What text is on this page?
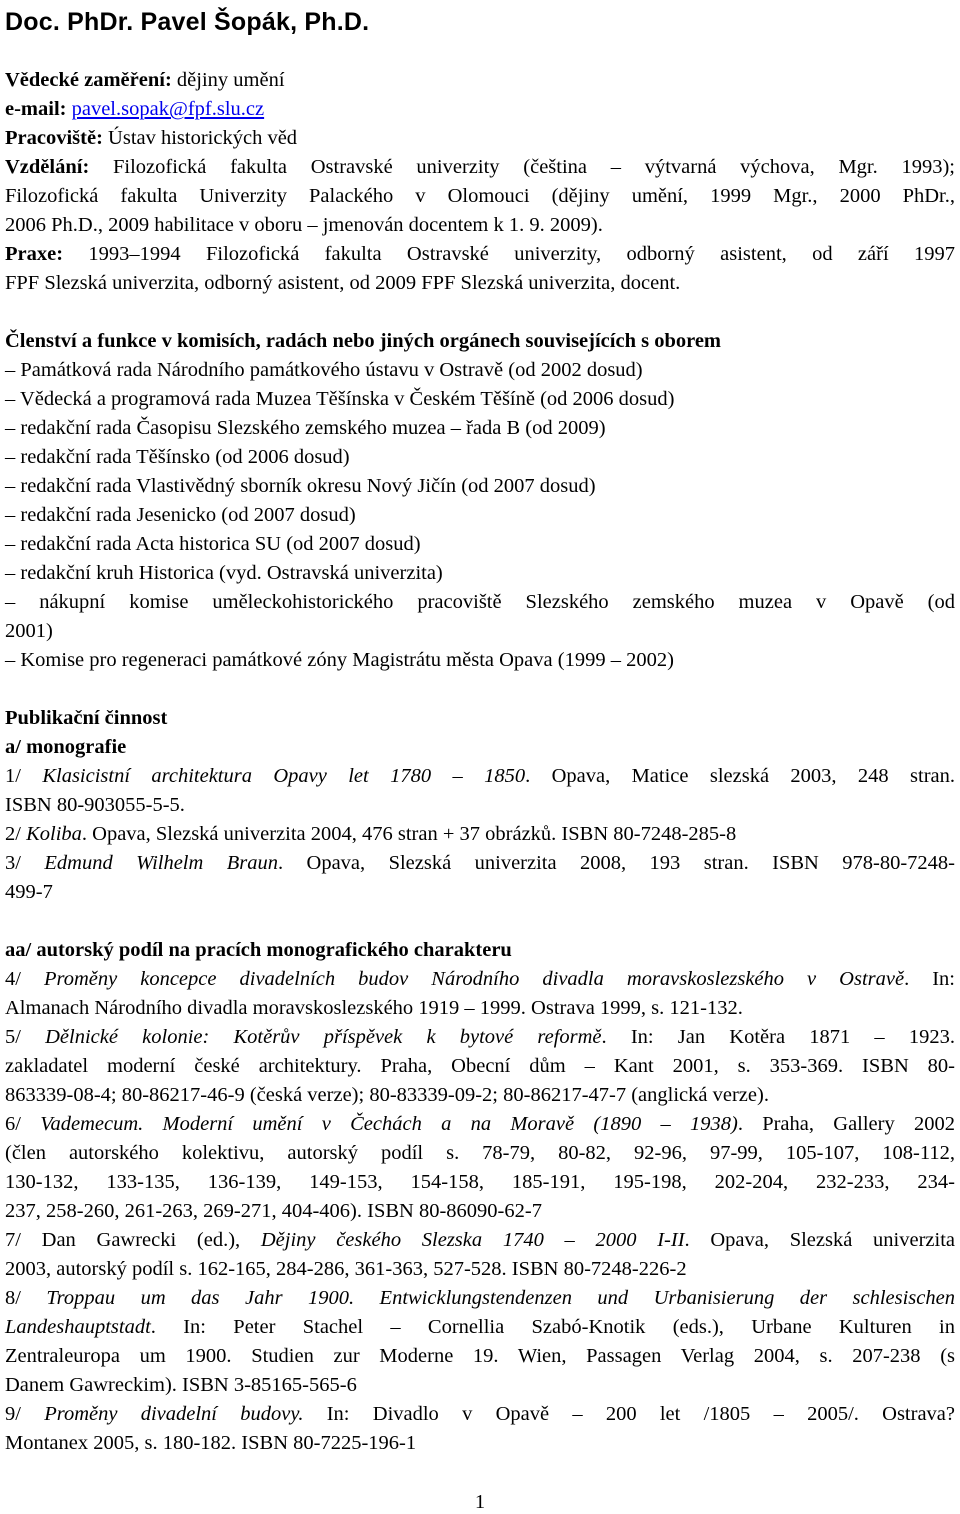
Doc. PhDr. Pavel Šopák, Ph.D.

Vědecké zaměření: dějiny umění

e-mail: pavel.sopak@fpf.slu.cz

Pracoviště: Ústav historických věd

Vzdělání: Filozofická fakulta Ostravské univerzity (čeština – výtvarná výchova, Mgr. 1993);

Filozofická fakulta Univerzity Palackého v Olomouci (dějiny umění, 1999 Mgr., 2000 PhDr.,

2006 Ph.D., 2009 habilitace v oboru – jmenován docentem k 1. 9. 2009).

Praxe: 1993–1994 Filozofická fakulta Ostravské univerzity, odborný asistent, od září 1997

FPF Slezská univerzita, odborný asistent, od 2009 FPF Slezská univerzita, docent.

Členství a funkce v komisích, radách nebo jiných orgánech souvisejících s oborem

– Památková rada Národního památkového ústavu v Ostravě (od 2002 dosud)

– Vědecká a programová rada Muzea Těšínska v Českém Těšíně (od 2006 dosud)

– redakční rada Časopisu Slezského zemského muzea – řada B (od 2009)

– redakční rada Těšínsko (od 2006 dosud)

– redakční rada Vlastivědný sborník okresu Nový Jičín (od 2007 dosud)

– redakční rada Jesenicko (od 2007 dosud)

– redakční rada Acta historica SU (od 2007 dosud)

– redakční kruh Historica (vyd. Ostravská univerzita)

– nákupní komise uměleckohistorického pracoviště Slezského zemského muzea v Opavě (od

2001)

– Komise pro regeneraci památkové zóny Magistrátu města Opava (1999 – 2002)

Publikační činnost

a/ monografie

1/ Klasicistní architektura Opavy let 1780 – 1850. Opava, Matice slezská 2003, 248 stran.

ISBN 80-903055-5-5.

2/ Koliba. Opava, Slezská univerzita 2004, 476 stran + 37 obrázků. ISBN 80-7248-285-8

3/ Edmund Wilhelm Braun. Opava, Slezská univerzita 2008, 193 stran. ISBN 978-80-7248-

499-7

aa/ autorský podíl na pracích monografického charakteru

4/ Proměny koncepce divadelních budov Národního divadla moravskoslezského v Ostravě. In:

Almanach Národního divadla moravskoslezského 1919 – 1999. Ostrava 1999, s. 121-132.

5/ Dělnické kolonie: Kotěrův příspěvek k bytové reformě. In: Jan Kotěra 1871 – 1923.

zakladatel moderní české architektury. Praha, Obecní dům – Kant 2001, s. 353-369. ISBN 80-

863339-08-4; 80-86217-46-9 (česká verze); 80-83339-09-2; 80-86217-47-7 (anglická verze).

6/ Vademecum. Moderní umění v Čechách a na Moravě (1890 – 1938). Praha, Gallery 2002

(člen autorského kolektivu, autorský podíl s. 78-79, 80-82, 92-96, 97-99, 105-107, 108-112,

130-132, 133-135, 136-139, 149-153, 154-158, 185-191, 195-198, 202-204, 232-233, 234-

237, 258-260, 261-263, 269-271, 404-406). ISBN 80-86090-62-7

7/ Dan Gawrecki (ed.), Dějiny českého Slezska 1740 – 2000 I-II. Opava, Slezská univerzita

2003, autorský podíl s. 162-165, 284-286, 361-363, 527-528. ISBN 80-7248-226-2

8/ Troppau um das Jahr 1900. Entwicklungstendenzen und Urbanisierung der schlesischen

Landeshauptstadt. In: Peter Stachel – Cornellia Szabó-Knotik (eds.), Urbane Kulturen in

Zentraleuropa um 1900. Studien zur Moderne 19. Wien, Passagen Verlag 2004, s. 207-238 (s

Danem Gawreckim). ISBN 3-85165-565-6

9/ Proměny divadelní budovy. In: Divadlo v Opavě – 200 let /1805 – 2005/. Ostrava?

Montanex 2005, s. 180-182. ISBN 80-7225-196-1

1
